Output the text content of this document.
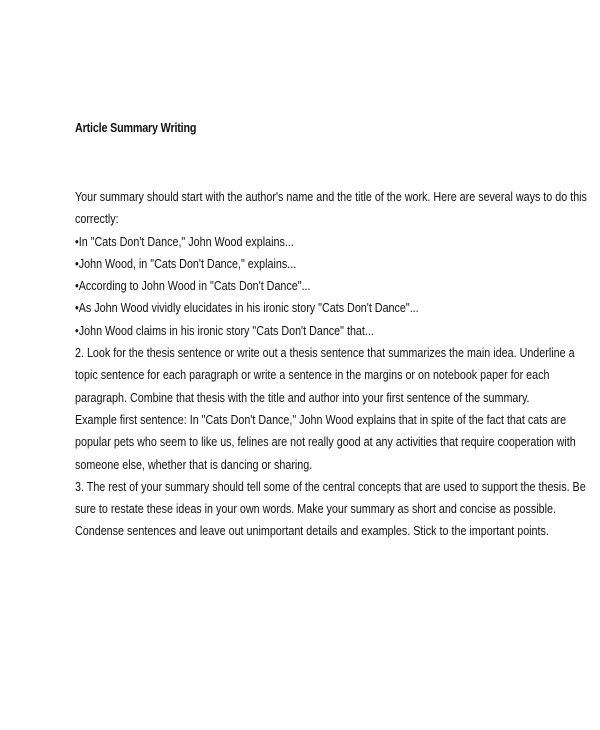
Article Summary Writing
Your summary should start with the author's name and the title of the work. Here are several ways to do this
correctly:
•In "Cats Don't Dance," John Wood explains...
•John Wood, in "Cats Don't Dance," explains...
•According to John Wood in "Cats Don't Dance"...
•As John Wood vividly elucidates in his ironic story "Cats Don't Dance"...
•John Wood claims in his ironic story "Cats Don't Dance" that...
2. Look for the thesis sentence or write out a thesis sentence that summarizes the main idea. Underline a
topic sentence for each paragraph or write a sentence in the margins or on notebook paper for each
paragraph. Combine that thesis with the title and author into your first sentence of the summary.
Example first sentence: In "Cats Don't Dance," John Wood explains that in spite of the fact that cats are
popular pets who seem to like us, felines are not really good at any activities that require cooperation with
someone else, whether that is dancing or sharing.
3. The rest of your summary should tell some of the central concepts that are used to support the thesis. Be
sure to restate these ideas in your own words. Make your summary as short and concise as possible.
Condense sentences and leave out unimportant details and examples. Stick to the important points.
